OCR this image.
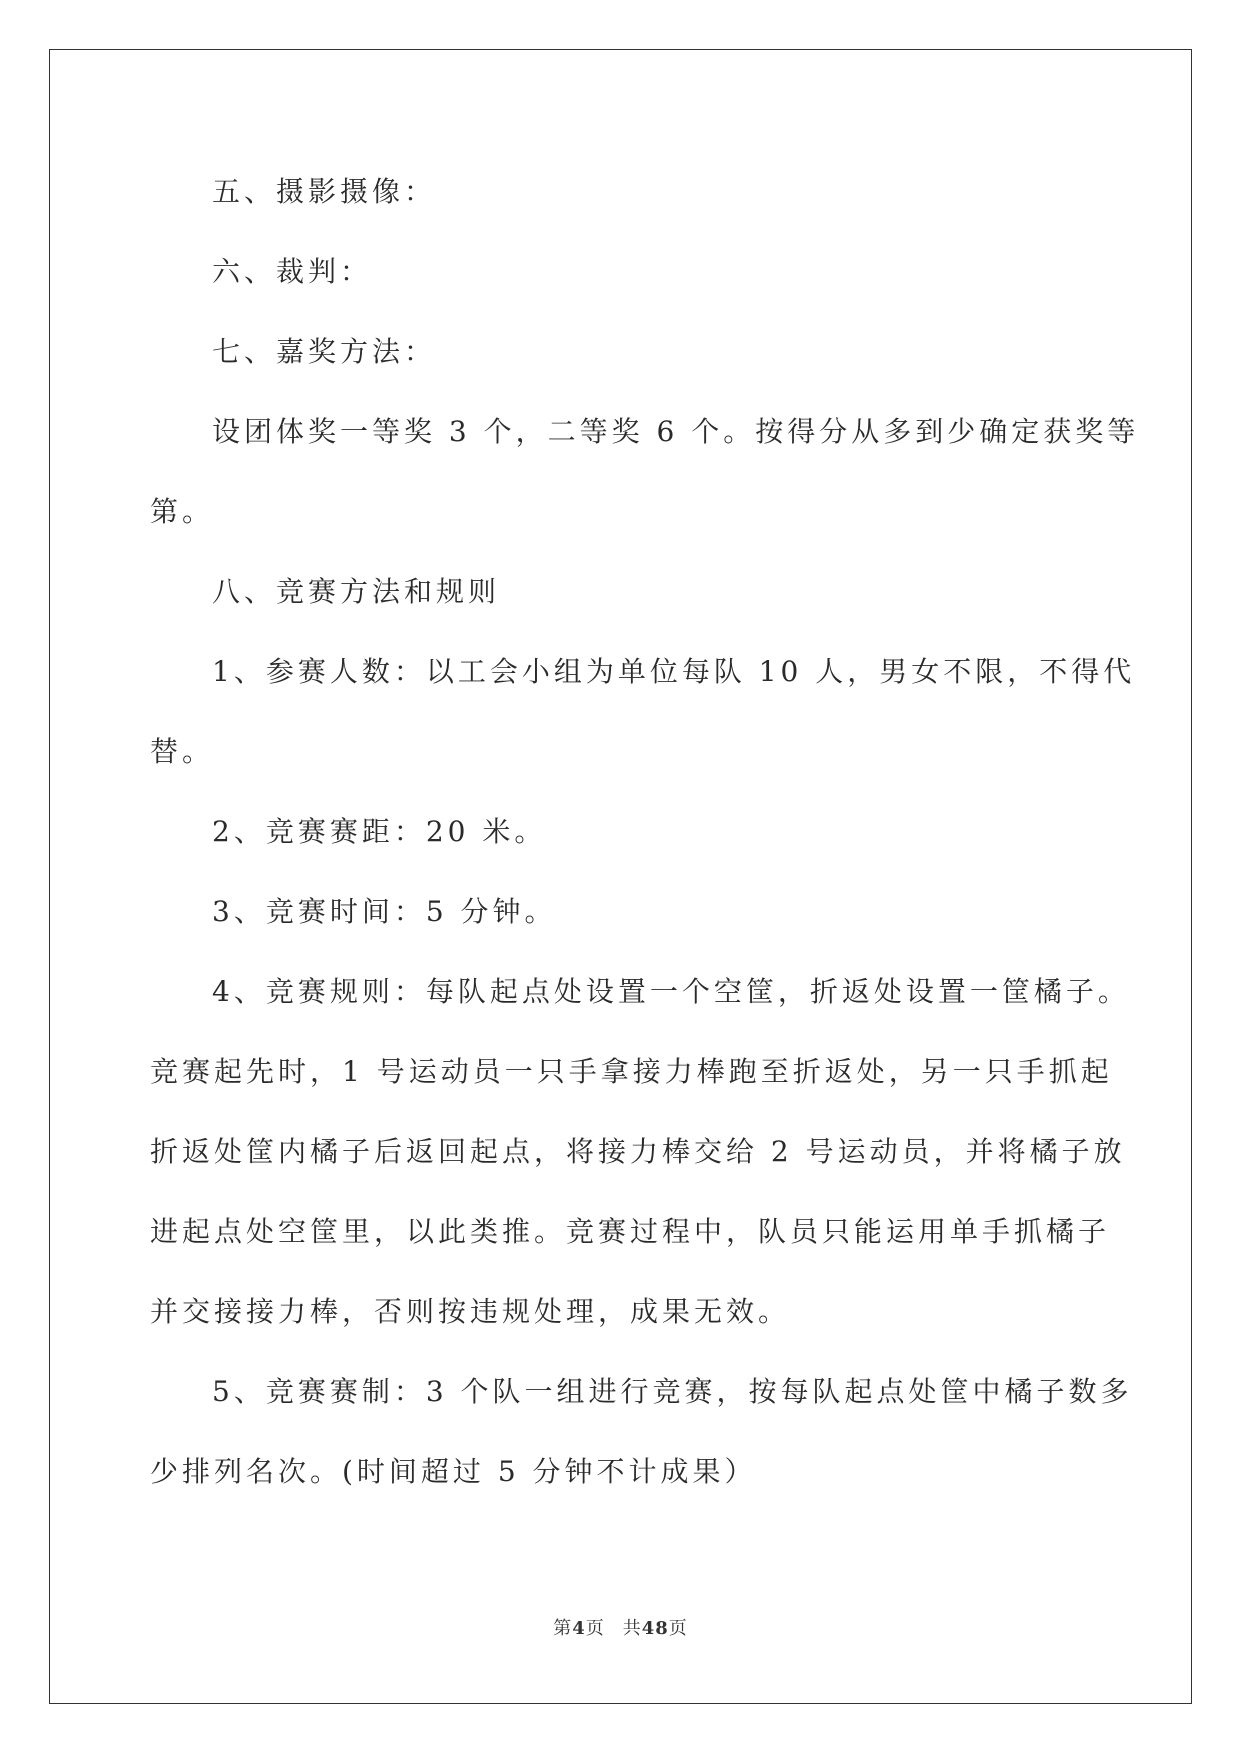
五、摄影摄像：

六、裁判：

七、嘉奖方法：

设团体奖一等奖 3 个，二等奖 6 个。按得分从多到少确定获奖等

第。

八、竞赛方法和规则

1、参赛人数：以工会小组为单位每队 10 人，男女不限，不得代

替。

2、竞赛赛距：20 米。

3、竞赛时间：5 分钟。

4、竞赛规则：每队起点处设置一个空筐，折返处设置一筐橘子。

竞赛起先时，1 号运动员一只手拿接力棒跑至折返处，另一只手抓起

折返处筐内橘子后返回起点，将接力棒交给 2 号运动员，并将橘子放

进起点处空筐里，以此类推。竞赛过程中，队员只能运用单手抓橘子

并交接接力棒，否则按违规处理，成果无效。

5、竞赛赛制：3 个队一组进行竞赛，按每队起点处筐中橘子数多

少排列名次。(时间超过 5 分钟不计成果）

第4页 共48页
